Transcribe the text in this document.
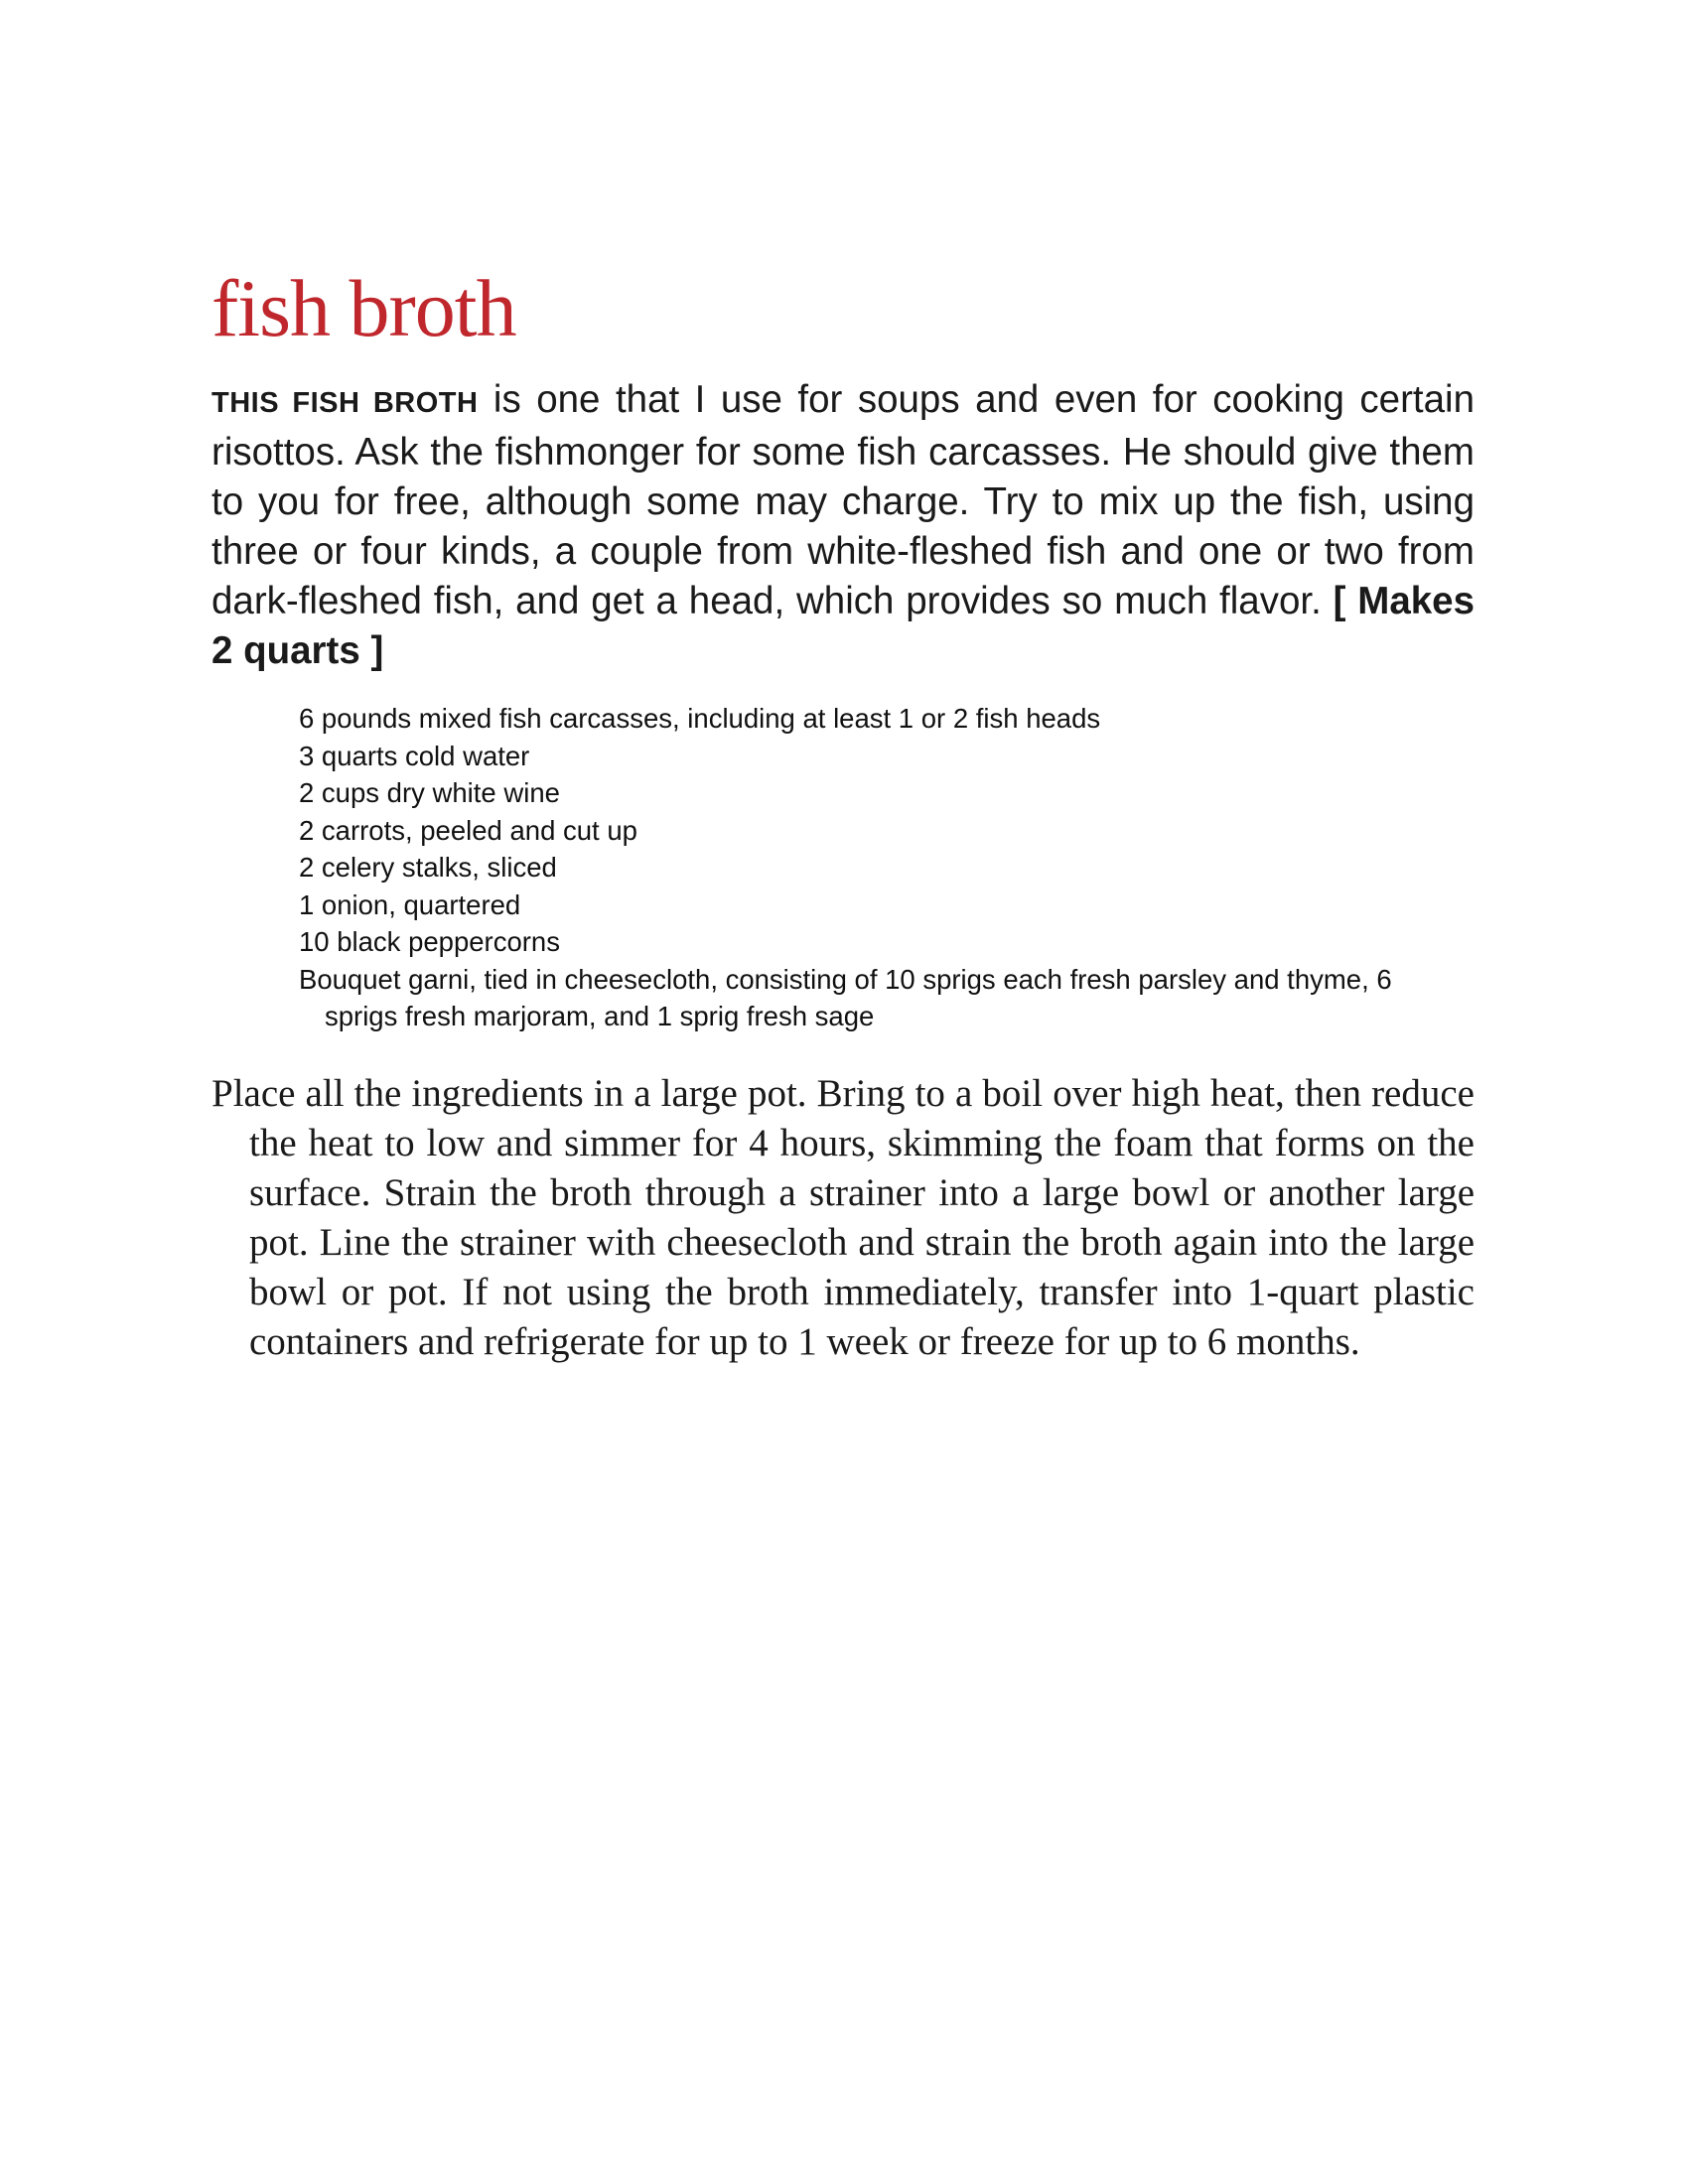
fish broth

THIS FISH BROTH is one that I use for soups and even for cooking certain risottos. Ask the fishmonger for some fish carcasses. He should give them to you for free, although some may charge. Try to mix up the fish, using three or four kinds, a couple from white-fleshed fish and one or two from dark-fleshed fish, and get a head, which provides so much flavor. [ Makes 2 quarts ]

6 pounds mixed fish carcasses, including at least 1 or 2 fish heads
3 quarts cold water
2 cups dry white wine
2 carrots, peeled and cut up
2 celery stalks, sliced
1 onion, quartered
10 black peppercorns
Bouquet garni, tied in cheesecloth, consisting of 10 sprigs each fresh parsley and thyme, 6 sprigs fresh marjoram, and 1 sprig fresh sage

Place all the ingredients in a large pot. Bring to a boil over high heat, then reduce the heat to low and simmer for 4 hours, skimming the foam that forms on the surface. Strain the broth through a strainer into a large bowl or another large pot. Line the strainer with cheesecloth and strain the broth again into the large bowl or pot. If not using the broth immediately, transfer into 1-quart plastic containers and refrigerate for up to 1 week or freeze for up to 6 months.
